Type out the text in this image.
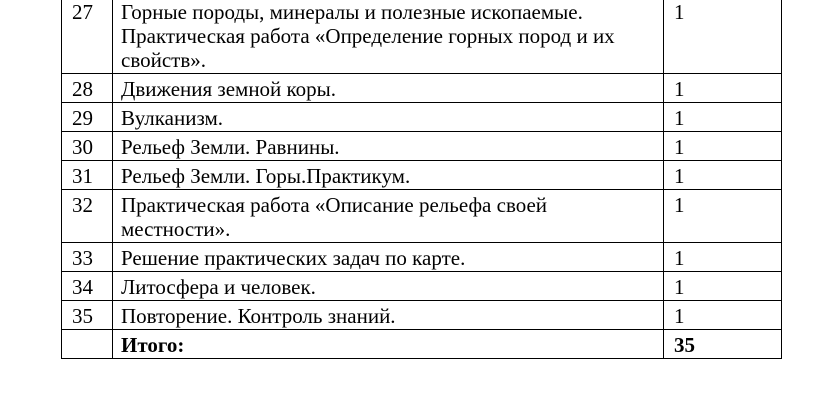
27	Горные породы, минералы и полезные ископаемые. Практическая работа «Определение горных пород и их свойств».	1
28	Движения земной коры.	1
29	Вулканизм.	1
30	Рельеф Земли. Равнины.	1
31	Рельеф Земли. Горы.Практикум.	1
32	Практическая работа «Описание рельефа своей местности».	1
33	Решение практических задач по карте.	1
34	Литосфера и человек.	1
35	Повторение. Контроль знаний.	1
	Итого:	35
